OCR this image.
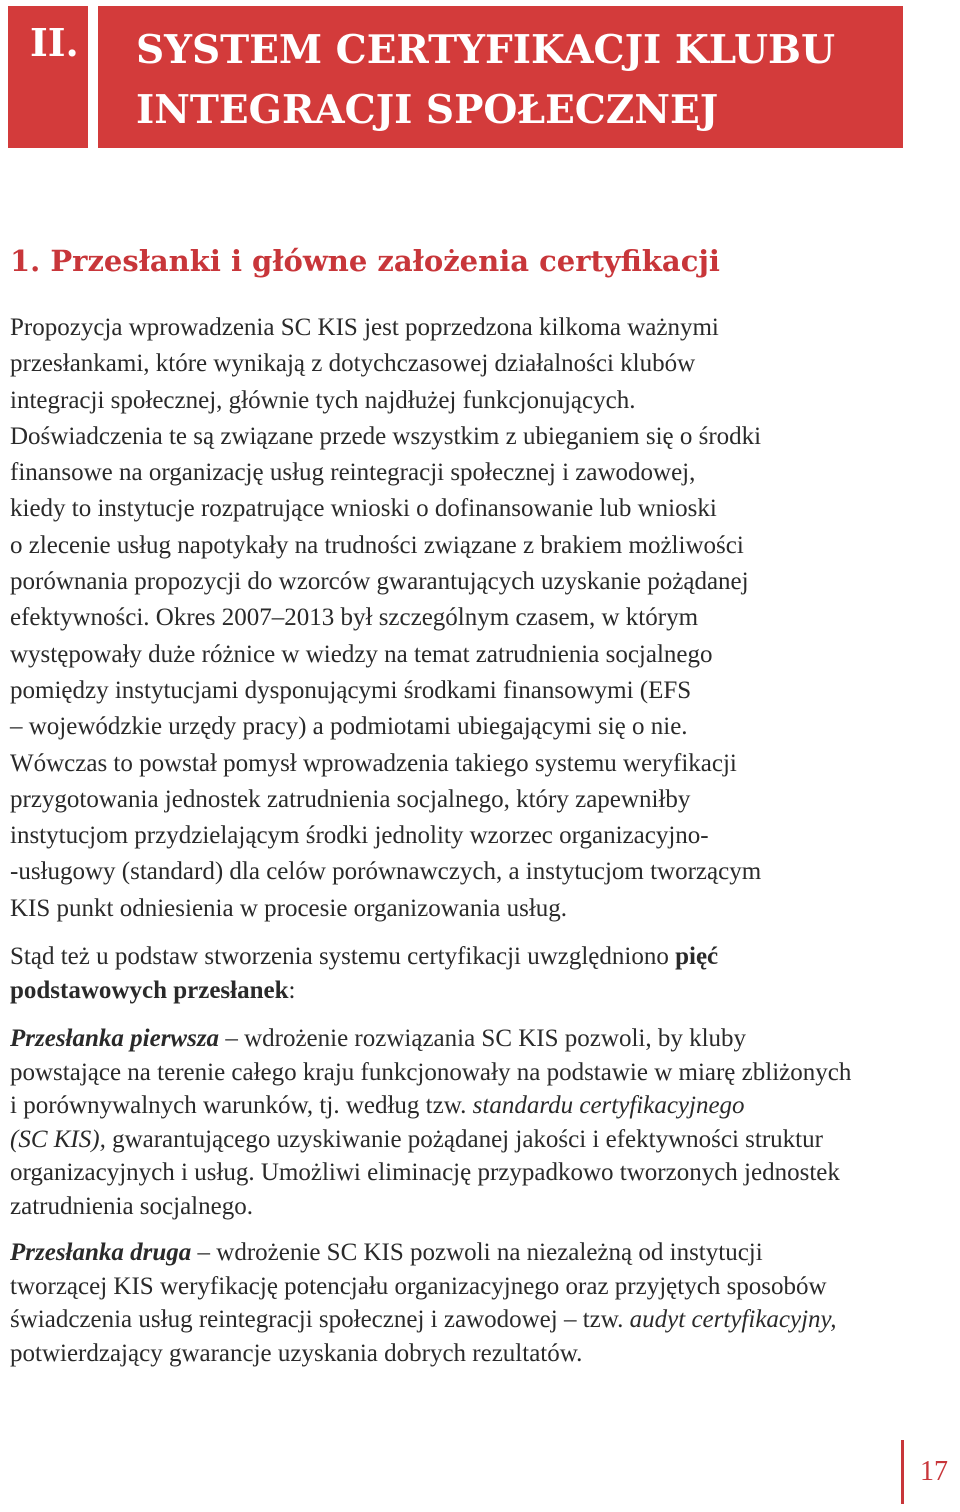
II. SYSTEM CERTYFIKACJI KLUBU
INTEGRACJI SPOŁECZNEJ
1. Przesłanki i główne założenia certyfikacji

Propozycja wprowadzenia SC KIS jest poprzedzona kilkoma ważnymi
przesłankami, które wynikają z dotychczasowej działalności klubów
integracji społecznej, głównie tych najdłużej funkcjonujących.
Doświadczenia te są związane przede wszystkim z ubieganiem się o środki
finansowe na organizację usług reintegracji społecznej i zawodowej,
kiedy to instytucje rozpatrujące wnioski o dofinansowanie lub wnioski
o zlecenie usług napotykały na trudności związane z brakiem możliwości
porównania propozycji do wzorców gwarantujących uzyskanie pożądanej
efektywności. Okres 2007–2013 był szczególnym czasem, w którym
występowały duże różnice w wiedzy na temat zatrudnienia socjalnego
pomiędzy instytucjami dysponującymi środkami finansowymi (EFS
– wojewódzkie urzędy pracy) a podmiotami ubiegającymi się o nie.
Wówczas to powstał pomysł wprowadzenia takiego systemu weryfikacji
przygotowania jednostek zatrudnienia socjalnego, który zapewniłby
instytucjom przydzielającym środki jednolity wzorzec organizacyjno-
-usługowy (standard) dla celów porównawczych, a instytucjom tworzącym
KIS punkt odniesienia w procesie organizowania usług.

Stąd też u podstaw stworzenia systemu certyfikacji uwzględniono pięć
podstawowych przesłanek:

Przesłanka pierwsza – wdrożenie rozwiązania SC KIS pozwoli, by kluby
powstające na terenie całego kraju funkcjonowały na podstawie w miarę zbliżonych
i porównywalnych warunków, tj. według tzw. standardu certyfikacyjnego
(SC KIS), gwarantującego uzyskiwanie pożądanej jakości i efektywności struktur
organizacyjnych i usług. Umożliwi eliminację przypadkowo tworzonych jednostek
zatrudnienia socjalnego.

Przesłanka druga – wdrożenie SC KIS pozwoli na niezależną od instytucji
tworzącej KIS weryfikację potencjału organizacyjnego oraz przyjętych sposobów
świadczenia usług reintegracji społecznej i zawodowej – tzw. audyt certyfikacyjny,
potwierdzający gwarancje uzyskania dobrych rezultatów.

17
